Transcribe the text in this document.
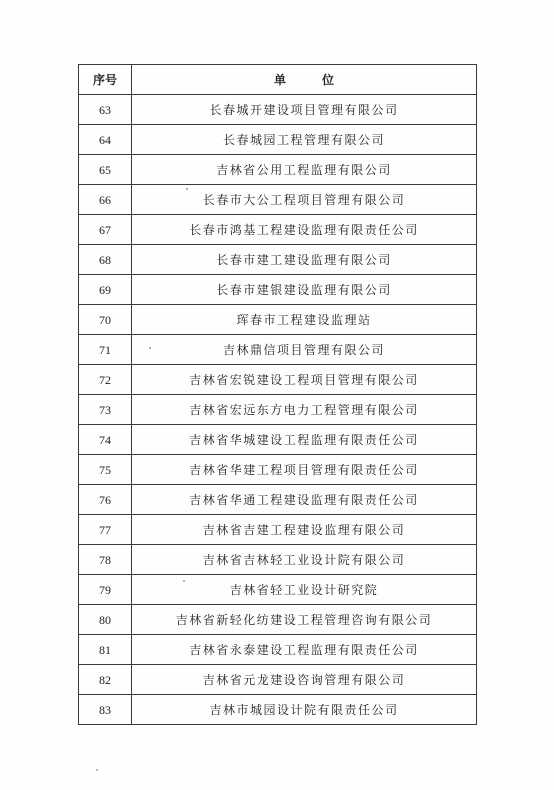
序号	单位
63	长春城开建设项目管理有限公司
64	长春城园工程管理有限公司
65	吉林省公用工程监理有限公司
66	长春市大公工程项目管理有限公司
67	长春市鸿基工程建设监理有限责任公司
68	长春市建工建设监理有限公司
69	长春市建银建设监理有限公司
70	珲春市工程建设监理站
71	吉林鼎信项目管理有限公司
72	吉林省宏锐建设工程项目管理有限公司
73	吉林省宏远东方电力工程管理有限公司
74	吉林省华城建设工程监理有限责任公司
75	吉林省华建工程项目管理有限责任公司
76	吉林省华通工程建设监理有限责任公司
77	吉林省吉建工程建设监理有限公司
78	吉林省吉林轻工业设计院有限公司
79	吉林省轻工业设计研究院
80	吉林省新轻化纺建设工程管理咨询有限公司
81	吉林省永泰建设工程监理有限责任公司
82	吉林省元龙建设咨询管理有限公司
83	吉林市城园设计院有限责任公司
